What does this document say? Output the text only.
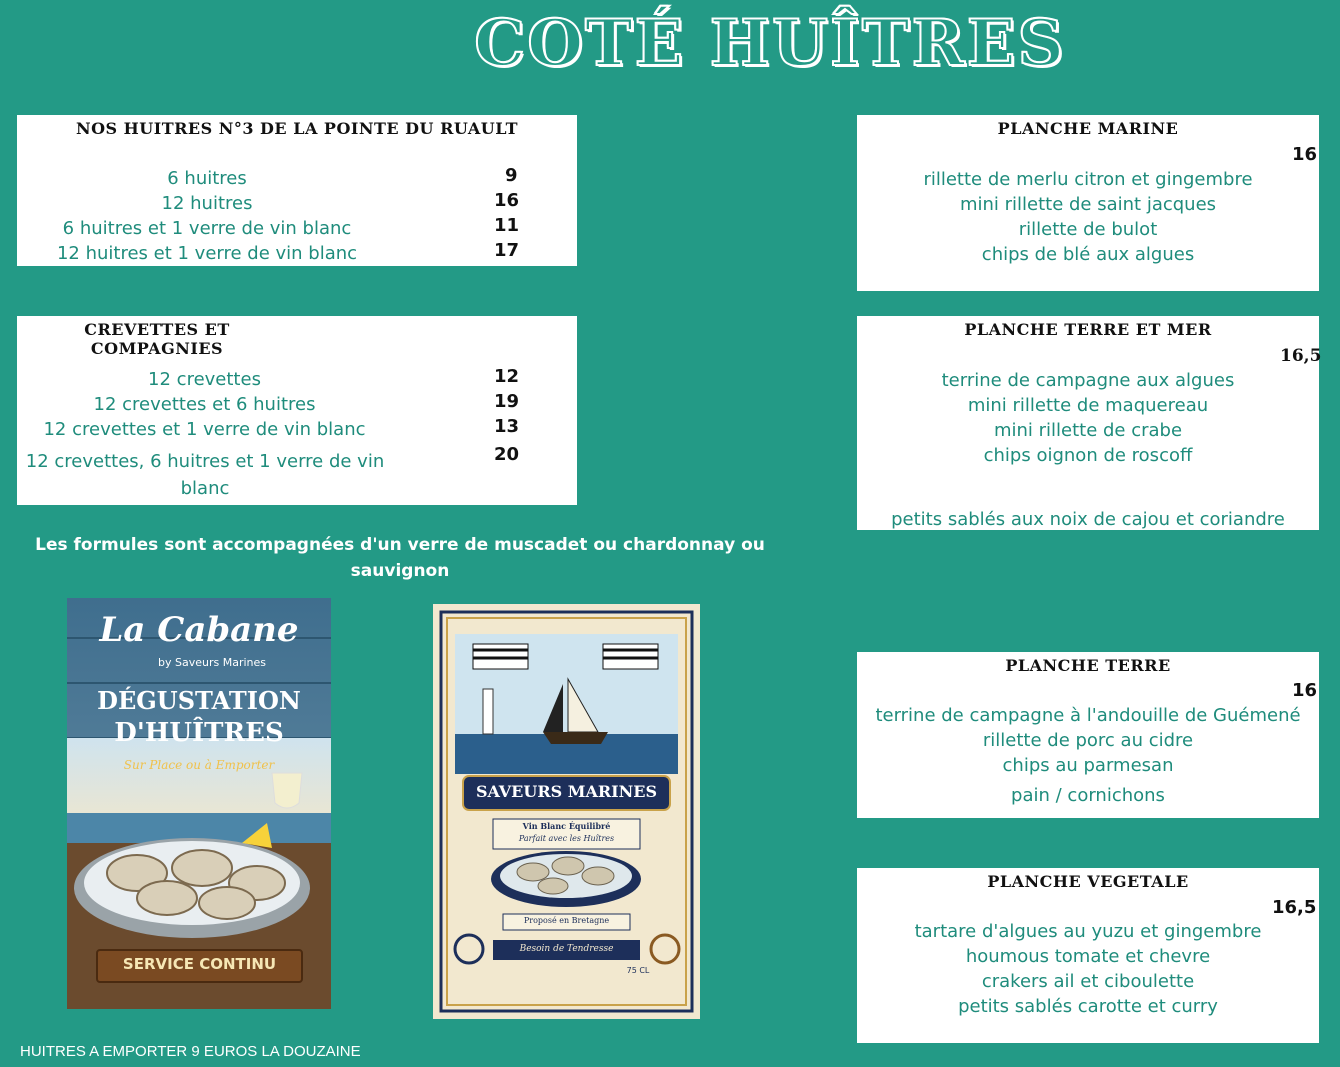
COTÉ HUÎTRES
NOS HUITRES N°3 DE LA POINTE DU RUAULT
6 huitres
12 huitres
6 huitres et 1 verre de vin blanc
12 huitres et 1 verre de vin blanc
9
16
11
17
CREVETTES ET COMPAGNIES
12 crevettes
12 crevettes et 6 huitres
12 crevettes et 1 verre de vin blanc
12 crevettes, 6 huitres et 1 verre de vin blanc
12
19
13
20
Les formules sont accompagnées d'un verre de muscadet ou chardonnay ou sauvignon
PLANCHE MARINE
16
rillette de merlu citron et gingembre
mini rillette de saint jacques
rillette de bulot
chips de blé aux algues
PLANCHE TERRE ET MER
16,5
terrine de campagne aux algues
mini rillette de maquereau
mini rillette de crabe
chips oignon de roscoff
petits sablés aux noix de cajou et coriandre
PLANCHE TERRE
16
terrine de campagne à l'andouille de Guémené
rillette de porc au cidre
chips au parmesan
pain / cornichons
PLANCHE VEGETALE
16,5
tartare d'algues au yuzu et gingembre
houmous tomate et chevre
crakers ail et ciboulette
petits sablés carotte et curry
La Cabane
by Saveurs Marines
DÉGUSTATION
D'HUÎTRES
Sur Place ou à Emporter
SERVICE CONTINU
SAVEURS MARINES
Vin Blanc Équilibré
Parfait avec les Huîtres
Proposé en Bretagne
Besoin de Tendresse
75 CL
HUITRES A EMPORTER 9 EUROS LA DOUZAINE
